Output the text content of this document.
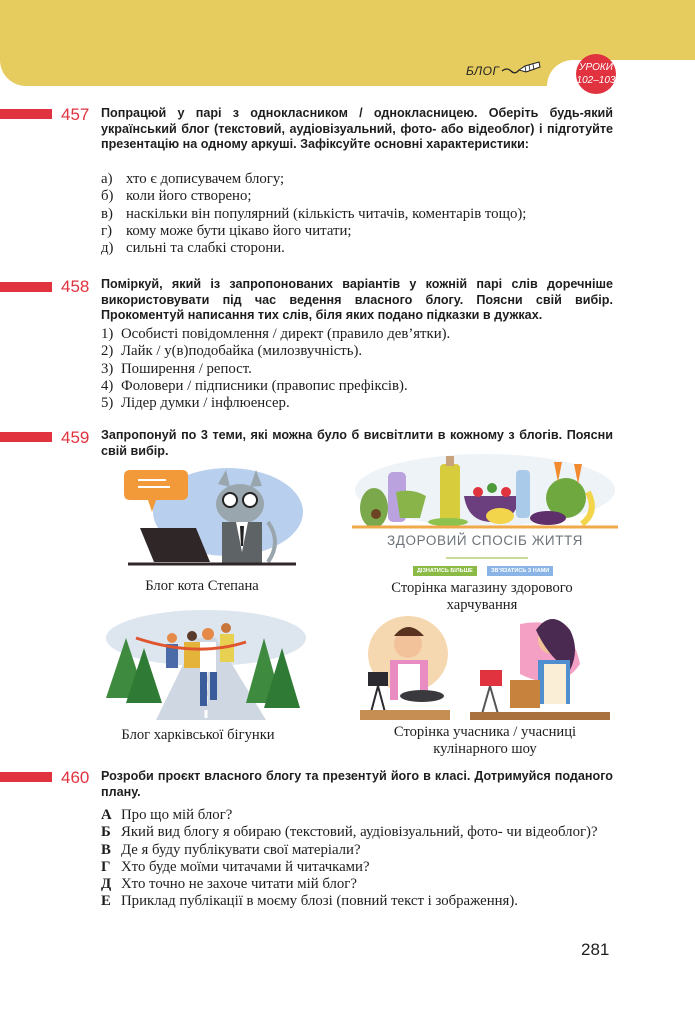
БЛОГ	УРОКИ
102–103
457 Попрацюй у парі з однокласником / однокласницею. Оберіть будь-який український блог (текстовий, аудіовізуальний, фото- або відеоблог) і підготуйте презентацію на одному аркуші. Зафіксуйте основні характеристики:
а) хто є дописувачем блогу;
б) коли його створено;
в) наскільки він популярний (кількість читачів, коментарів тощо);
г) кому може бути цікаво його читати;
д) сильні та слабкі сторони.
458 Поміркуй, який із запропонованих варіантів у кожній парі слів доречніше використовувати під час ведення власного блогу. Поясни свій вибір. Прокоментуй написання тих слів, біля яких подано підказки в дужках.
1) Особисті повідомлення / директ (правило дев’ятки).
2) Лайк / у(в)подобайка (милозвучність).
3) Поширення / репост.
4) Фоловери / підписники (правопис префіксів).
5) Лідер думки / інфлюенсер.
459 Запропонуй по 3 теми, які можна було б висвітлити в кожному з блогів. Поясни свій вибір.
Блог кота Степана
ЗДОРОВИЙ СПОСІБ ЖИТТЯ
ДІЗНАТИСЬ БІЛЬШЕ	ЗВ’ЯЗАТИСЬ З НАМИ
Сторінка магазину здорового харчування
Блог харківської бігунки	Сторінка учасника / учасниці кулінарного шоу
460 Розроби проєкт власного блогу та презентуй його в класі. Дотримуйся поданого плану.
А Про що мій блог?
Б Який вид блогу я обираю (текстовий, аудіовізуальний, фото- чи відеоблог)?
В Де я буду публікувати свої матеріали?
Г Хто буде моїми читачами й читачками?
Д Хто точно не захоче читати мій блог?
Е Приклад публікації в моєму блозі (повний текст і зображення).
281
